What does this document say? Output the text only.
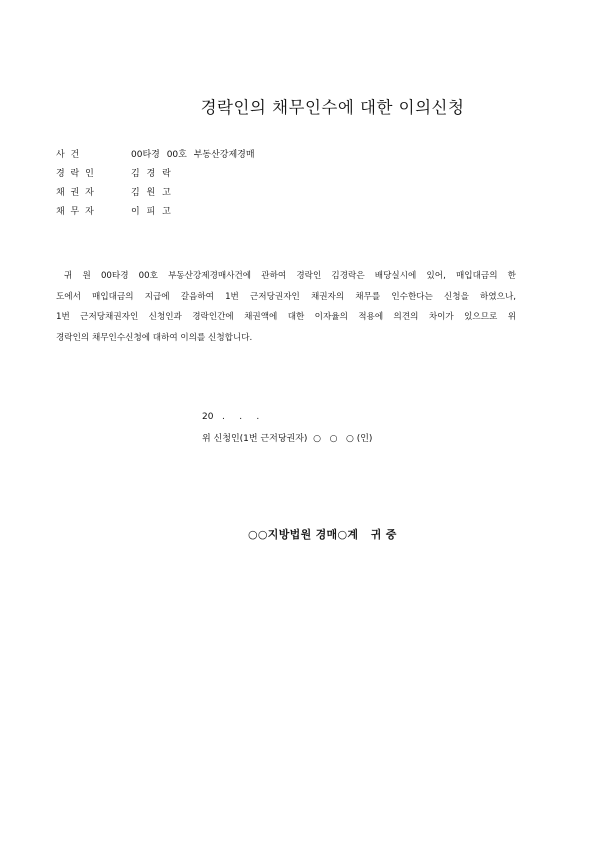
경락인의 채무인수에 대한 이의신청
사 건	00타경 00호 부동산강제경매
경 락 인	김 경 락
채 권 자	김 원 고
채 무 자	이 피 고
귀 원 00타경 00호 부동산강제경매사건에 관하여 경락인 김경락은 배당실시에 있어, 매입대금의 한
도에서 매입대금의 지급에 갈음하여 1번 근저당권자인 채권자의 채무를 인수한다는 신청을 하였으나,
1번 근저당채권자인 신청인과 경락인간에 채권액에 대한 이자율의 적용에 의견의 차이가 있으므로 위
경락인의 채무인수신청에 대하여 이의를 신청합니다.
20   .     .     .
위 신청인(1번 근저당권자)  ○   ○   ○ (인)
○○지방법원 경매○계   귀 중
